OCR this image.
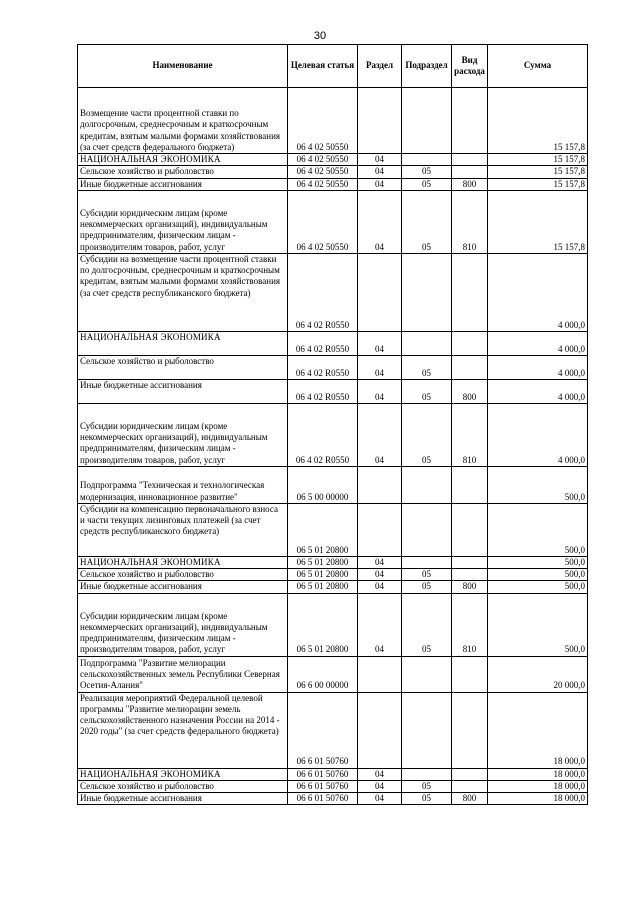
30
Наименование	Целевая статья	Раздел	Подраздел	Вид расхода	Сумма
Возмещение части процентной ставки по долгосрочным, среднесрочным и краткосрочным кредитам, взятым малыми формами хозяйствования (за счет средств федерального бюджета)	06 4 02 50550				15 157,8
НАЦИОНАЛЬНАЯ ЭКОНОМИКА	06 4 02 50550	04			15 157,8
Сельское хозяйство и рыболовство	06 4 02 50550	04	05		15 157,8
Иные бюджетные ассигнования	06 4 02 50550	04	05	800	15 157,8
Субсидии юридическим лицам (кроме некоммерческих организаций), индивидуальным предпринимателям, физическим лицам - производителям товаров, работ, услуг	06 4 02 50550	04	05	810	15 157,8
Субсидии на возмещение части процентной ставки по долгосрочным, среднесрочным и краткосрочным кредитам, взятым малыми формами хозяйствования (за счет средств республиканского бюджета)	06 4 02 R0550				4 000,0
НАЦИОНАЛЬНАЯ ЭКОНОМИКА	06 4 02 R0550	04			4 000,0
Сельское хозяйство и рыболовство	06 4 02 R0550	04	05		4 000,0
Иные бюджетные ассигнования	06 4 02 R0550	04	05	800	4 000,0
Субсидии юридическим лицам (кроме некоммерческих организаций), индивидуальным предпринимателям, физическим лицам - производителям товаров, работ, услуг	06 4 02 R0550	04	05	810	4 000,0
Подпрограмма "Техническая и технологическая модернизация, инновационное развитие"	06 5 00 00000				500,0
Субсидии на компенсацию первоначального взноса и части текущих лизинговых платежей (за счет средств республиканского бюджета)	06 5 01 20800				500,0
НАЦИОНАЛЬНАЯ ЭКОНОМИКА	06 5 01 20800	04			500,0
Сельское хозяйство и рыболовство	06 5 01 20800	04	05		500,0
Иные бюджетные ассигнования	06 5 01 20800	04	05	800	500,0
Субсидии юридическим лицам (кроме некоммерческих организаций), индивидуальным предпринимателям, физическим лицам - производителям товаров, работ, услуг	06 5 01 20800	04	05	810	500,0
Подпрограмма "Развитие мелиорации сельскохозяйственных земель Республики Северная Осетия-Алания"	06 6 00 00000				20 000,0
Реализация мероприятий Федеральной целевой программы "Развитие мелиорации земель сельскохозяйственного назначения России на 2014 - 2020 годы" (за счет средств федерального бюджета)	06 6 01 50760				18 000,0
НАЦИОНАЛЬНАЯ ЭКОНОМИКА	06 6 01 50760	04			18 000,0
Сельское хозяйство и рыболовство	06 6 01 50760	04	05		18 000,0
Иные бюджетные ассигнования	06 6 01 50760	04	05	800	18 000,0
